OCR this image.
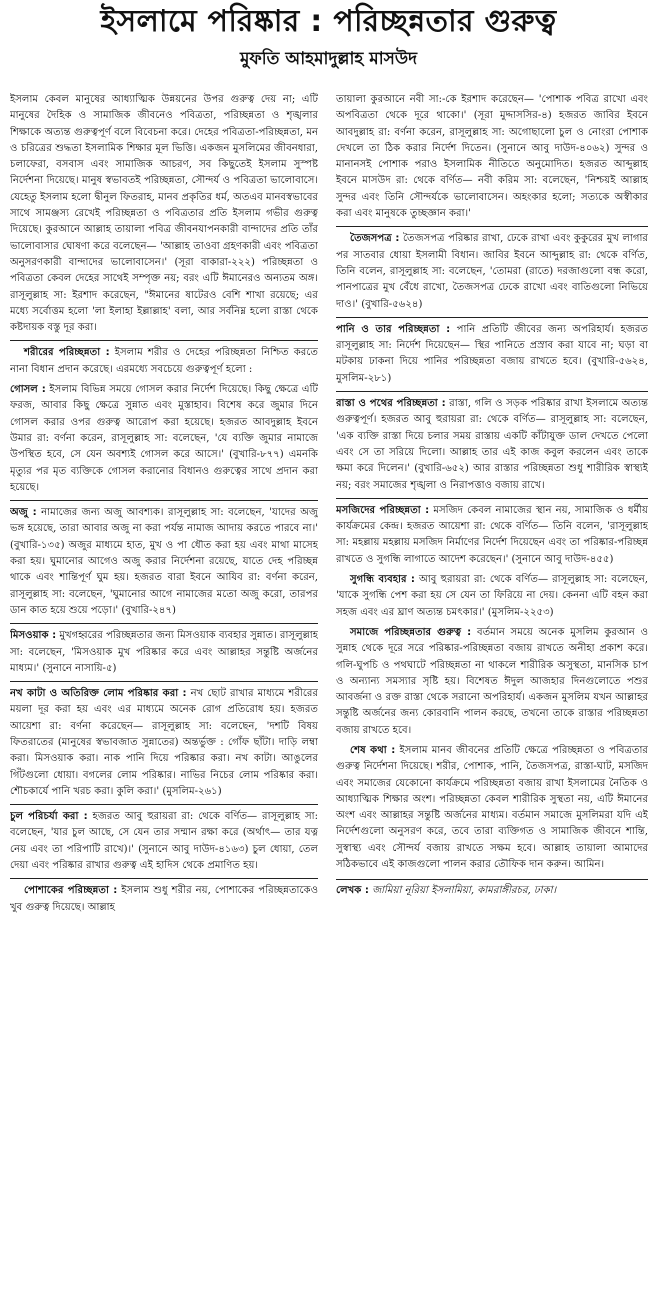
ইসলামে পরিষ্কার : পরিচ্ছন্নতার গুরুত্ব
মুফতি আহমাদুল্লাহ মাসউদ

ইসলাম কেবল মানুষের আধ্যাত্মিক উন্নয়নের উপর গুরুত্ব দেয় না; এটি মানুষের দৈহিক ও সামাজিক জীবনেও পবিত্রতা, পরিচ্ছন্নতা ও শৃঙ্খলার শিক্ষাকে অত্যন্ত গুরুত্বপূর্ণ বলে বিবেচনা করে। দেহের পবিত্রতা-পরিচ্ছন্নতা, মন ও চরিত্রের শুদ্ধতা ইসলামিক শিক্ষার মূল ভিত্তি। একজন মুসলিমের জীবনধারা, চলাফেরা, বসবাস এবং সামাজিক আচরণ, সব কিছুতেই ইসলাম সুস্পষ্ট নির্দেশনা দিয়েছে। মানুষ স্বভাবতই পরিচ্ছন্নতা, সৌন্দর্য ও পবিত্রতা ভালোবাসে। যেহেতু ইসলাম হলো দ্বীনুল ফিতরাহ, মানব প্রকৃতির ধর্ম, অতএব মানবস্বভাবের সাথে সামঞ্জস্য রেখেই পরিচ্ছন্নতা ও পবিত্রতার প্রতি ইসলাম গভীর গুরুত্ব দিয়েছে। কুরআনে আল্লাহ তায়ালা পবিত্র জীবনযাপনকারী বান্দাদের প্রতি তাঁর ভালোবাসার ঘোষণা করে বলেছেন— 'আল্লাহ তাওবা গ্রহণকারী এবং পবিত্রতা অনুসরণকারী বান্দাদের ভালোবাসেন।' (সূরা বাকারা-২২২) পরিচ্ছন্নতা ও পবিত্রতা কেবল দেহের সাথেই সম্পৃক্ত নয়; বরং এটি ঈমানেরও অন্যতম অঙ্গ। রাসূলুল্লাহ সা: ইরশাদ করেছেন, "ঈমানের ষাটেরও বেশি শাখা রয়েছে; এর মধ্যে সর্বোত্তম হলো 'লা ইলাহা ইল্লাল্লাহ' বলা, আর সর্বনিম্ন হলো রাস্তা থেকে কষ্টদায়ক বস্তু দূর করা।

শরীরের পরিচ্ছন্নতা : ইসলাম শরীর ও দেহের পরিচ্ছন্নতা নিশ্চিত করতে নানা বিধান প্রদান করেছে। এরমধ্যে সবচেয়ে গুরুত্বপূর্ণ হলো :

গোসল : ইসলাম বিভিন্ন সময়ে গোসল করার নির্দেশ দিয়েছে। কিছু ক্ষেত্রে এটি ফরজ, আবার কিছু ক্ষেত্রে সুন্নাত এবং মুস্তাহাব। বিশেষ করে জুমার দিনে গোসল করার ওপর গুরুত্ব আরোপ করা হয়েছে। হজরত আবদুল্লাহ ইবনে উমার রা: বর্ণনা করেন, রাসূলুল্লাহ সা: বলেছেন, 'যে ব্যক্তি জুমার নামাজে উপস্থিত হবে, সে যেন অবশ্যই গোসল করে আসে।' (বুখারি-৮৭৭) এমনকি মৃত্যুর পর মৃত ব্যক্তিকে গোসল করানোর বিধানও গুরুত্বের সাথে প্রদান করা হয়েছে।

অজু : নামাজের জন্য অজু আবশ্যক। রাসূলুল্লাহ সা: বলেছেন, 'যাদের অজু ভঙ্গ হয়েছে, তারা আবার অজু না করা পর্যন্ত নামাজ আদায় করতে পারবে না।' (বুখারি-১৩৫) অজুর মাধ্যমে হাত, মুখ ও পা ধৌত করা হয় এবং মাথা মাসেহ করা হয়। ঘুমানোর আগেও অজু করার নির্দেশনা রয়েছে, যাতে দেহ পরিচ্ছন্ন থাকে এবং শান্তিপূর্ণ ঘুম হয়। হজরত বারা ইবনে আযিব রা: বর্ণনা করেন, রাসূলুল্লাহ সা: বলেছেন, 'ঘুমানোর আগে নামাজের মতো অজু করো, তারপর ডান কাত হয়ে শুয়ে পড়ো।' (বুখারি-২৪৭)

মিসওয়াক : মুখগহ্বরের পরিচ্ছন্নতার জন্য মিসওয়াক ব্যবহার সুন্নাত। রাসূলুল্লাহ সা: বলেছেন, 'মিসওয়াক মুখ পরিষ্কার করে এবং আল্লাহর সন্তুষ্টি অর্জনের মাধ্যম।' (সুনানে নাসায়ি-৫)

নখ কাটা ও অতিরিক্ত লোম পরিষ্কার করা : নখ ছোট রাখার মাধ্যমে শরীরের ময়লা দূর করা হয় এবং এর মাধ্যমে অনেক রোগ প্রতিরোধ হয়। হজরত আয়েশা রা: বর্ণনা করেছেন— রাসূলুল্লাহ সা: বলেছেন, 'দশটি বিষয় ফিতরাতের (মানুষের স্বভাবজাত সুন্নাতের) অন্তর্ভুক্ত : গোঁফ ছাঁটা। দাড়ি লম্বা করা। মিসওয়াক করা। নাক পানি দিয়ে পরিষ্কার করা। নখ কাটা। আঙুলের গিঁটগুলো ধোয়া। বগলের লোম পরিষ্কার। নাভির নিচের লোম পরিষ্কার করা। শৌচকার্যে পানি খরচ করা। কুলি করা।' (মুসলিম-২৬১)

চুল পরিচর্যা করা : হজরত আবু হুরায়রা রা: থেকে বর্ণিত— রাসূলুল্লাহ সা: বলেছেন, 'যার চুল আছে, সে যেন তার সম্মান রক্ষা করে (অর্থাৎ— তার যত্ন নেয় এবং তা পরিপাটি রাখে)।' (সুনানে আবু দাউদ-৪১৬৩) চুল ধোয়া, তেল দেয়া এবং পরিষ্কার রাখার গুরুত্ব এই হাদিস থেকে প্রমাণিত হয়।

পোশাকের পরিচ্ছন্নতা : ইসলাম শুধু শরীর নয়, পোশাকের পরিচ্ছন্নতাকেও খুব গুরুত্ব দিয়েছে। আল্লাহ

তায়ালা কুরআনে নবী সা:-কে ইরশাদ করেছেন— 'পোশাক পবিত্র রাখো এবং অপবিত্রতা থেকে দূরে থাকো।' (সূরা মুদ্দাসসির-৪) হজরত জাবির ইবনে আবদুল্লাহ রা: বর্ণনা করেন, রাসূলুল্লাহ সা: অগোছালো চুল ও নোংরা পোশাক দেখলে তা ঠিক করার নির্দেশ দিতেন। (সুনানে আবু দাউদ-৪০৬২) সুন্দর ও মানানসই পোশাক পরাও ইসলামিক নীতিতে অনুমোদিত। হজরত আব্দুল্লাহ ইবনে মাসউদ রা: থেকে বর্ণিত— নবী করিম সা: বলেছেন, 'নিশ্চয়ই আল্লাহ সুন্দর এবং তিনি সৌন্দর্যকে ভালোবাসেন। অহংকার হলো; সত্যকে অস্বীকার করা এবং মানুষকে তুচ্ছজ্ঞান করা।'

তৈজসপত্র : তৈজসপত্র পরিষ্কার রাখা, ঢেকে রাখা এবং কুকুরের মুখ লাগার পর সাতবার ধোয়া ইসলামী বিধান। জাবির ইবনে আব্দুল্লাহ রা: থেকে বর্ণিত, তিনি বলেন, রাসূলুল্লাহ সা: বলেছেন, 'তোমরা (রাতে) দরজাগুলো বন্ধ করো, পানপাত্রের মুখ বেঁধে রাখো, তৈজসপত্র ঢেকে রাখো এবং বাতিগুলো নিভিয়ে দাও।' (বুখারি-৫৬২৪)

পানি ও তার পরিচ্ছন্নতা : পানি প্রতিটি জীবের জন্য অপরিহার্য। হজরত রাসূলুল্লাহ সা: নির্দেশ দিয়েছেন— স্থির পানিতে প্রস্রাব করা যাবে না; ঘড়া বা মটকায় ঢাকনা দিয়ে পানির পরিচ্ছন্নতা বজায় রাখতে হবে। (বুখারি-৫৬২৪, মুসলিম-২৮১)

রাস্তা ও পথের পরিচ্ছন্নতা : রাস্তা, গলি ও সড়ক পরিষ্কার রাখা ইসলামে অত্যন্ত গুরুত্বপূর্ণ। হজরত আবু হুরায়রা রা: থেকে বর্ণিত— রাসূলুল্লাহ সা: বলেছেন, 'এক ব্যক্তি রাস্তা দিয়ে চলার সময় রাস্তায় একটি কাঁটাযুক্ত ডাল দেখতে পেলো এবং সে তা সরিয়ে দিলো। আল্লাহ তার এই কাজ কবুল করলেন এবং তাকে ক্ষমা করে দিলেন।' (বুখারি-৬৫২) আর রাস্তার পরিচ্ছন্নতা শুধু শারীরিক স্বাস্থ্যই নয়; বরং সমাজের শৃঙ্খলা ও নিরাপত্তাও বজায় রাখে।

মসজিদের পরিচ্ছন্নতা : মসজিদ কেবল নামাজের স্থান নয়, সামাজিক ও ধর্মীয় কার্যক্রমের কেন্দ্র। হজরত আয়েশা রা: থেকে বর্ণিত— তিনি বলেন, 'রাসূলুল্লাহ সা: মহল্লায় মহল্লায় মসজিদ নির্মাণের নির্দেশ দিয়েছেন এবং তা পরিষ্কার-পরিচ্ছন্ন রাখতে ও সুগন্ধি লাগাতে আদেশ করেছেন।' (সুনানে আবু দাউদ-৪৫৫)

সুগন্ধি ব্যবহার : আবু হুরায়রা রা: থেকে বর্ণিত— রাসূলুল্লাহ সা: বলেছেন, 'যাকে সুগন্ধি পেশ করা হয় সে যেন তা ফিরিয়ে না দেয়। কেননা এটি বহন করা সহজ এবং এর ঘ্রাণ অত্যন্ত চমৎকার।' (মুসলিম-২২৫৩)

সমাজে পরিচ্ছন্নতার গুরুত্ব : বর্তমান সময়ে অনেক মুসলিম কুরআন ও সুন্নাহ থেকে দূরে সরে পরিষ্কার-পরিচ্ছন্নতা বজায় রাখতে অনীহা প্রকাশ করে। গলি-ঘুপচি ও পথঘাটে পরিচ্ছন্নতা না থাকলে শারীরিক অসুস্থতা, মানসিক চাপ ও অন্যান্য সমস্যার সৃষ্টি হয়। বিশেষত ঈদুল আজহার দিনগুলোতে পশুর আবর্জনা ও রক্ত রাস্তা থেকে সরানো অপরিহার্য। একজন মুসলিম যখন আল্লাহর সন্তুষ্টি অর্জনের জন্য কোরবানি পালন করছে, তখনো তাকে রাস্তার পরিচ্ছন্নতা বজায় রাখতে হবে।

শেষ কথা : ইসলাম মানব জীবনের প্রতিটি ক্ষেত্রে পরিচ্ছন্নতা ও পবিত্রতার গুরুত্ব নির্দেশনা দিয়েছে। শরীর, পোশাক, পানি, তৈজসপত্র, রাস্তা-ঘাট, মসজিদ এবং সমাজের যেকোনো কার্যক্রমে পরিচ্ছন্নতা বজায় রাখা ইসলামের নৈতিক ও আধ্যাত্মিক শিক্ষার অংশ। পরিচ্ছন্নতা কেবল শারীরিক সুস্থতা নয়, এটি ঈমানের অংশ এবং আল্লাহর সন্তুষ্টি অর্জনের মাধ্যম। বর্তমান সমাজে মুসলিমরা যদি এই নির্দেশগুলো অনুসরণ করে, তবে তারা ব্যক্তিগত ও সামাজিক জীবনে শান্তি, সুস্বাস্থ্য এবং সৌন্দর্য বজায় রাখতে সক্ষম হবে। আল্লাহ তায়ালা আমাদের সঠিকভাবে এই কাজগুলো পালন করার তৌফিক দান করুন। আমিন।

লেখক : জামিয়া নূরিয়া ইসলামিয়া, কামরাঙ্গীরচর, ঢাকা।
